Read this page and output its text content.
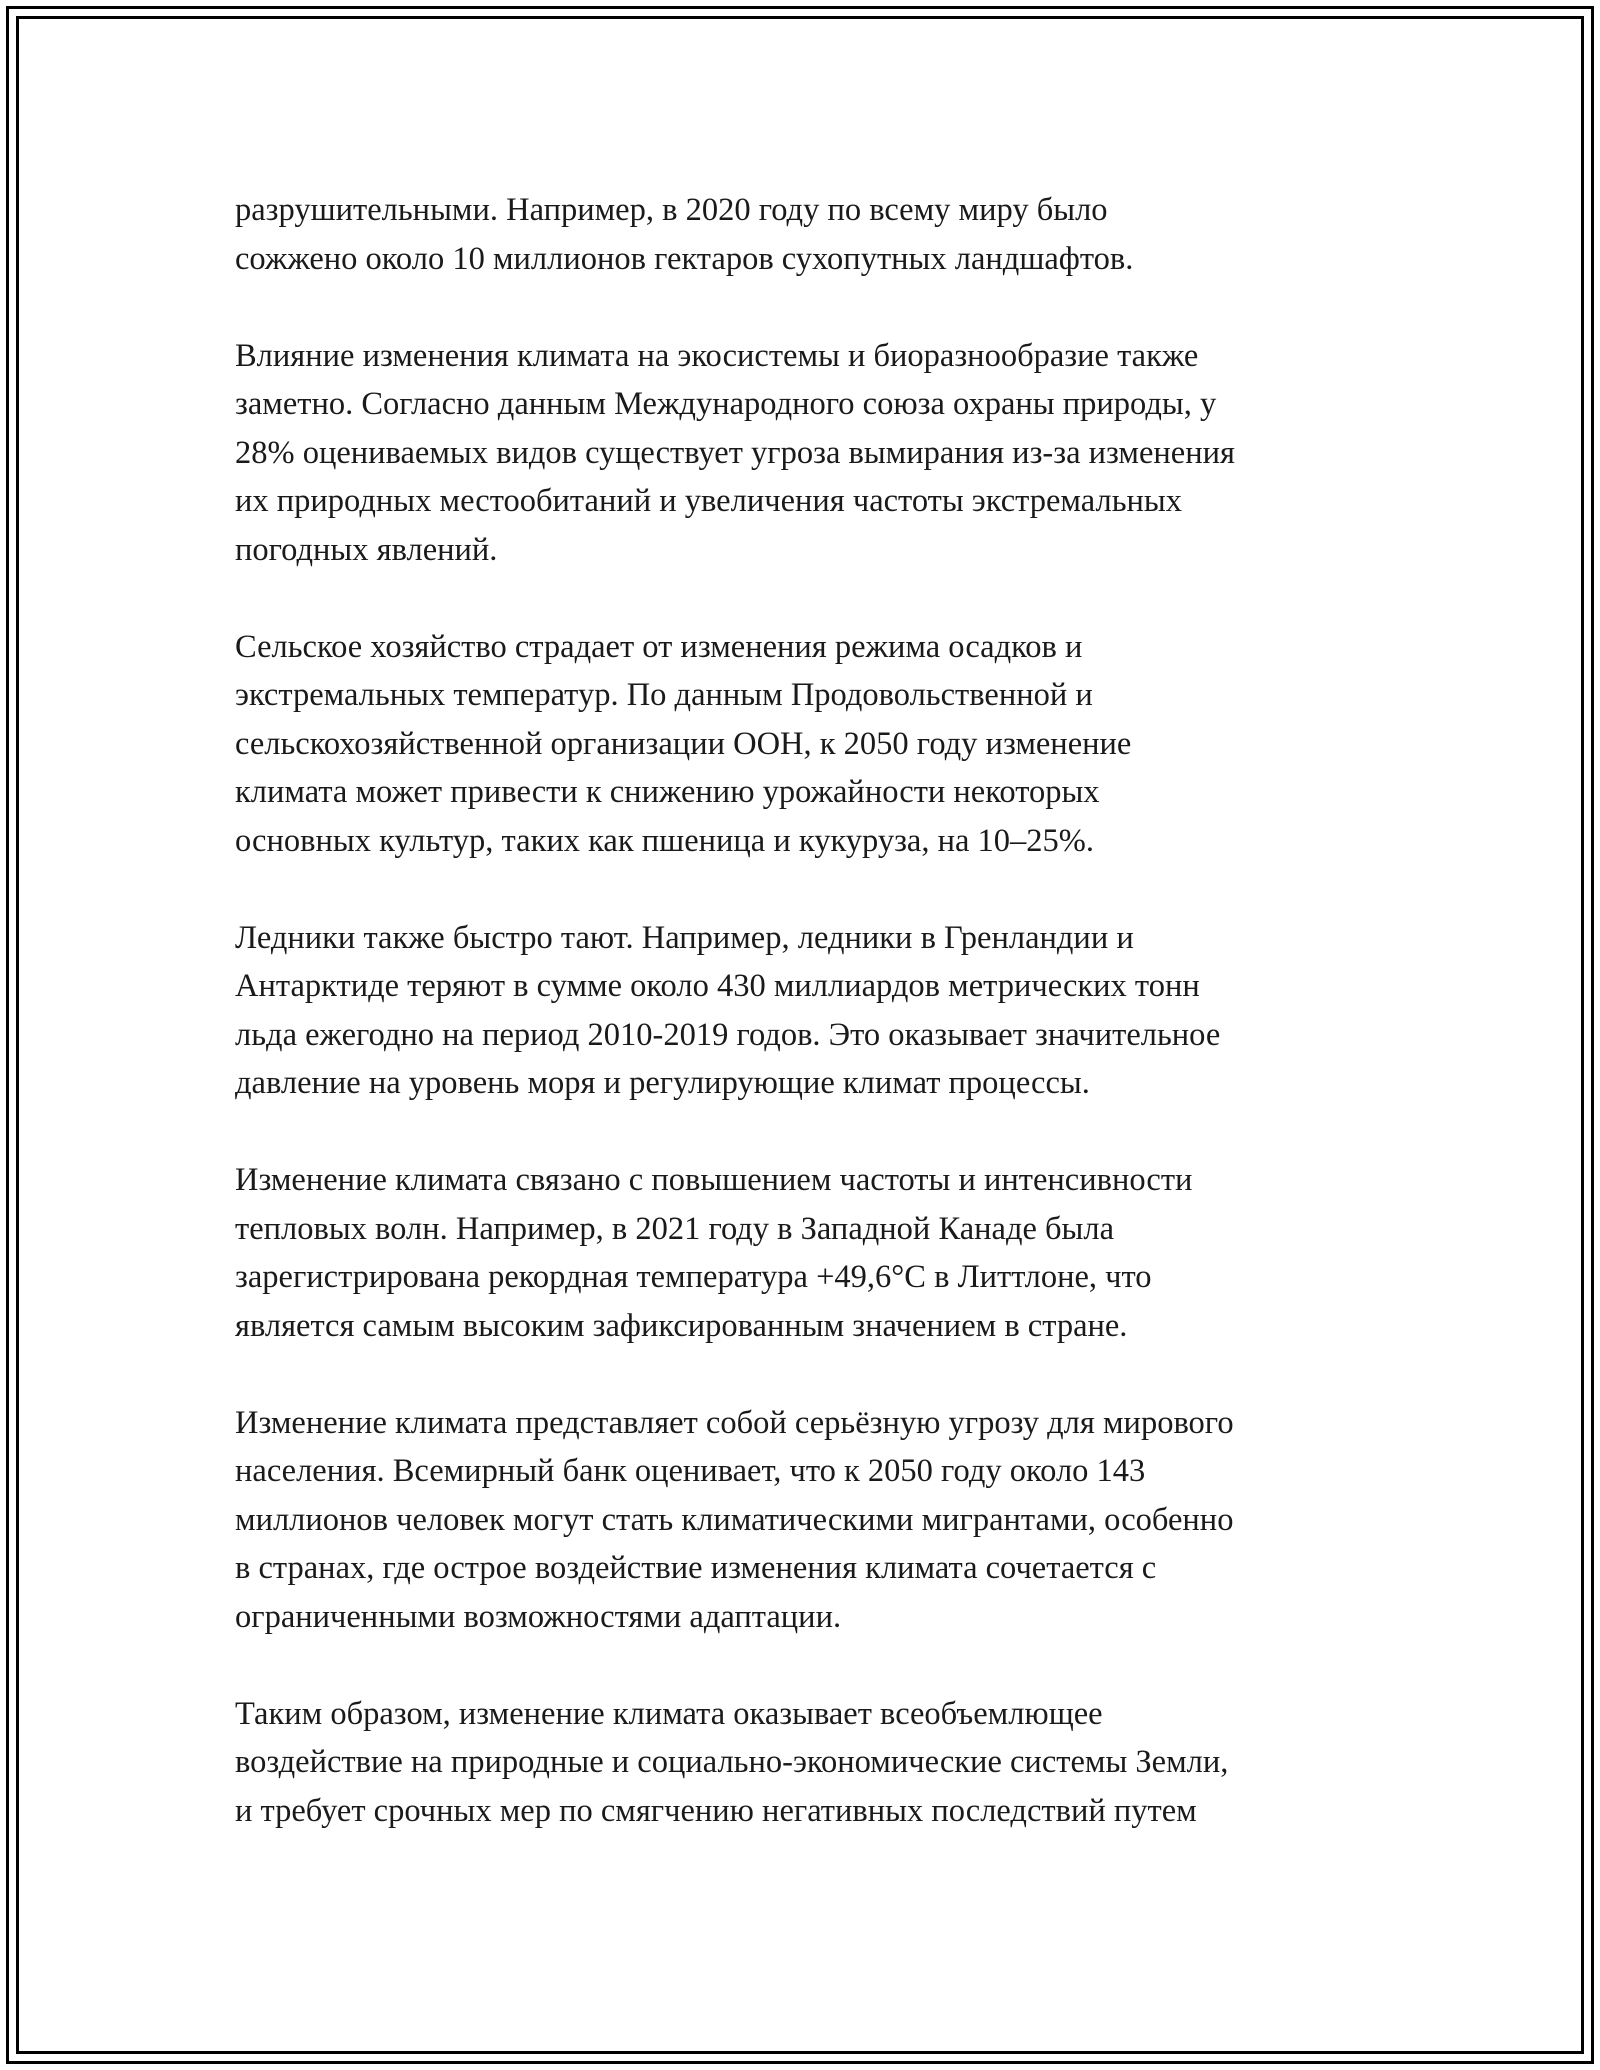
разрушительными. Например, в 2020 году по всему миру было
сожжено около 10 миллионов гектаров сухопутных ландшафтов.

Влияние изменения климата на экосистемы и биоразнообразие также
заметно. Согласно данным Международного союза охраны природы, у
28% оцениваемых видов существует угроза вымирания из-за изменения
их природных местообитаний и увеличения частоты экстремальных
погодных явлений.

Сельское хозяйство страдает от изменения режима осадков и
экстремальных температур. По данным Продовольственной и
сельскохозяйственной организации ООН, к 2050 году изменение
климата может привести к снижению урожайности некоторых
основных культур, таких как пшеница и кукуруза, на 10–25%.

Ледники также быстро тают. Например, ледники в Гренландии и
Антарктиде теряют в сумме около 430 миллиардов метрических тонн
льда ежегодно на период 2010-2019 годов. Это оказывает значительное
давление на уровень моря и регулирующие климат процессы.

Изменение климата связано с повышением частоты и интенсивности
тепловых волн. Например, в 2021 году в Западной Канаде была
зарегистрирована рекордная температура +49,6°C в Литтлоне, что
является самым высоким зафиксированным значением в стране.

Изменение климата представляет собой серьёзную угрозу для мирового
населения. Всемирный банк оценивает, что к 2050 году около 143
миллионов человек могут стать климатическими мигрантами, особенно
в странах, где острое воздействие изменения климата сочетается с
ограниченными возможностями адаптации.

Таким образом, изменение климата оказывает всеобъемлющее
воздействие на природные и социально-экономические системы Земли,
и требует срочных мер по смягчению негативных последствий путем
